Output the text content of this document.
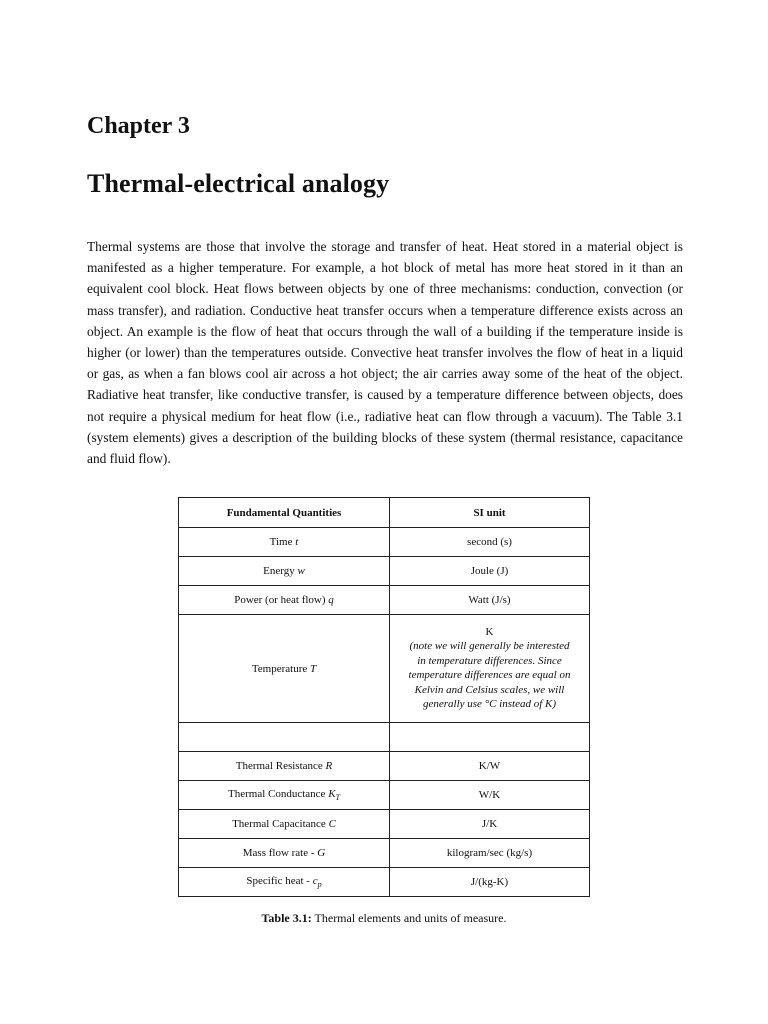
Chapter 3
Thermal-electrical analogy

Thermal systems are those that involve the storage and transfer of heat. Heat stored in a material object is manifested as a higher temperature. For example, a hot block of metal has more heat stored in it than an equivalent cool block. Heat flows between objects by one of three mechanisms: conduction, convection (or mass transfer), and radiation. Conductive heat transfer occurs when a temperature difference exists across an object. An example is the flow of heat that occurs through the wall of a building if the temperature inside is higher (or lower) than the temperatures outside. Convective heat transfer involves the flow of heat in a liquid or gas, as when a fan blows cool air across a hot object; the air carries away some of the heat of the object. Radiative heat transfer, like conductive transfer, is caused by a temperature difference between objects, does not require a physical medium for heat flow (i.e., radiative heat can flow through a vacuum). The Table 3.1 (system elements) gives a description of the building blocks of these system (thermal resistance, capacitance and fluid flow).

Fundamental Quantities	SI unit
Time t	second (s)
Energy w	Joule (J)
Power (or heat flow) q	Watt (J/s)
Temperature T	K
(note we will generally be interested in temperature differences. Since temperature differences are equal on Kelvin and Celsius scales, we will generally use °C instead of K)

Thermal Resistance R	K/W
Thermal Conductance $K_T$	W/K
Thermal Capacitance C	J/K
Mass flow rate - G	kilogram/sec (kg/s)
Specific heat - $c_p$	J/(kg-K)

Table 3.1: Thermal elements and units of measure.
